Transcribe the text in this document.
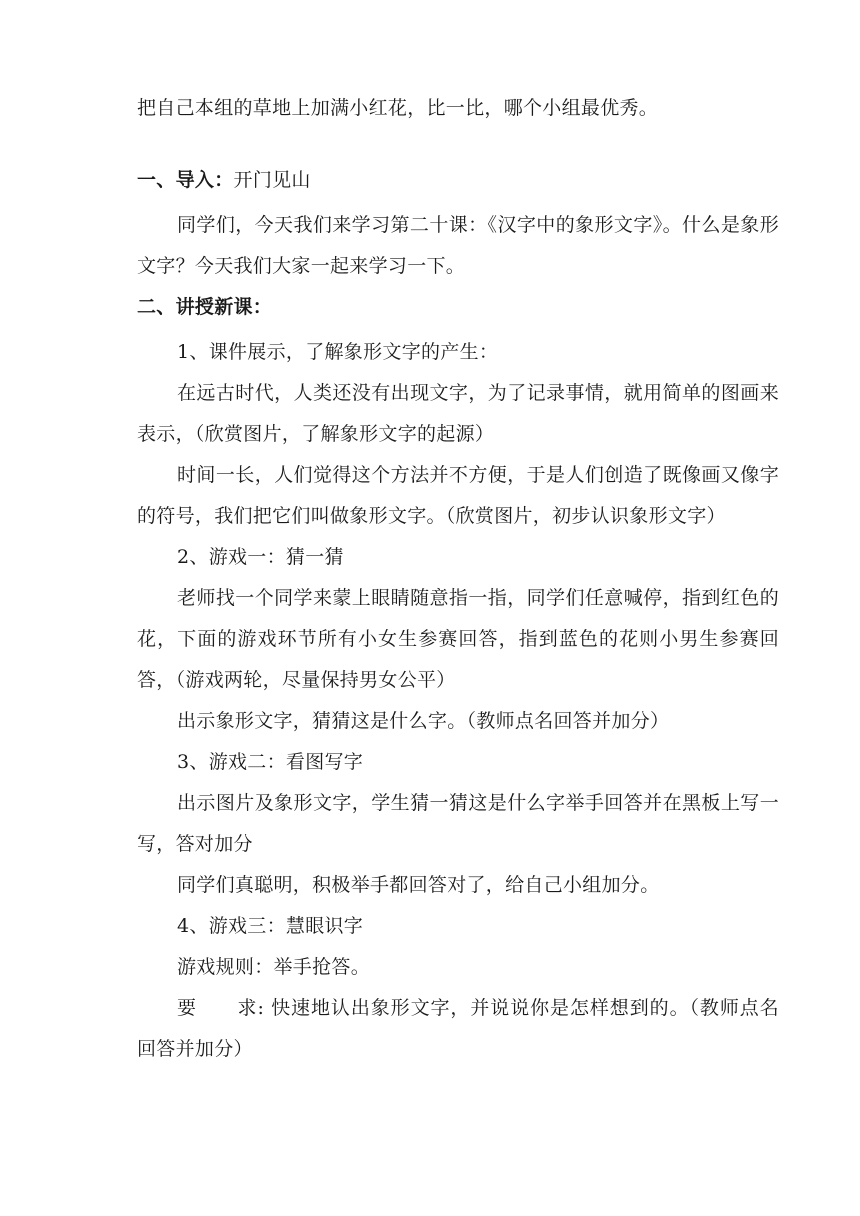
把自己本组的草地上加满小红花，比一比，哪个小组最优秀。

一、导入：开门见山

同学们，今天我们来学习第二十课：《汉字中的象形文字》。什么是象形文字？今天我们大家一起来学习一下。

二、讲授新课：

1、课件展示，了解象形文字的产生：

在远古时代，人类还没有出现文字，为了记录事情，就用简单的图画来表示，（欣赏图片，了解象形文字的起源）

时间一长，人们觉得这个方法并不方便，于是人们创造了既像画又像字的符号，我们把它们叫做象形文字。（欣赏图片，初步认识象形文字）

2、游戏一：猜一猜

老师找一个同学来蒙上眼睛随意指一指，同学们任意喊停，指到红色的花，下面的游戏环节所有小女生参赛回答，指到蓝色的花则小男生参赛回答，（游戏两轮，尽量保持男女公平）

出示象形文字，猜猜这是什么字。（教师点名回答并加分）

3、游戏二：看图写字

出示图片及象形文字，学生猜一猜这是什么字举手回答并在黑板上写一写，答对加分

同学们真聪明，积极举手都回答对了，给自己小组加分。

4、游戏三：慧眼识字

游戏规则：举手抢答。

要 求: 快速地认出象形文字，并说说你是怎样想到的。（教师点名回答并加分）
